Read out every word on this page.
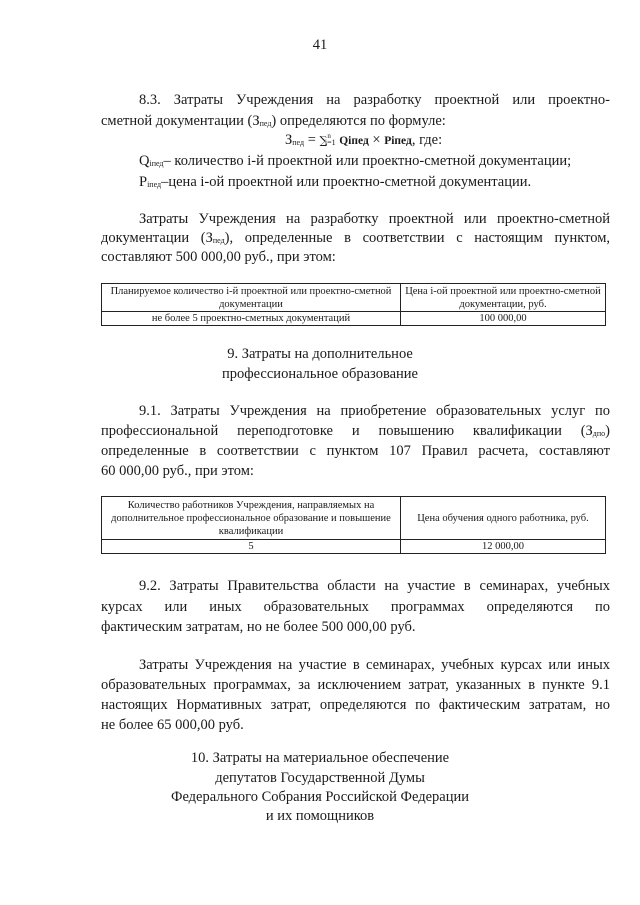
41
8.3. Затраты Учреждения на разработку проектной или проектно-
сметной документации $(З_{пед})$ определяются по формуле:
$З_{пед} = \sum^n_{i=1}$ Qiпед × Piпед, где:
$Q_{iпед}-$ количество i-й проектной или проектно-сметной документации;
$P_{iпед}$–цена i-ой проектной или проектно-сметной документации.
Затраты Учреждения на разработку проектной или проектно-сметной
документации $(З_{пед})$, определенные в соответствии с настоящим пунктом,
составляют 500 000,00 руб., при этом:
Планируемое количество i-й проектной или проектно-сметной документации	Цена i-ой проектной или проектно-сметной документации, руб.
не более 5 проектно-сметных документаций	100 000,00
9. Затраты на дополнительное
профессиональное образование
9.1. Затраты Учреждения на приобретение образовательных услуг по
профессиональной переподготовке и повышению квалификации $(З_{дпо})$
определенные в соответствии с пунктом 107 Правил расчета, составляют
60 000,00 руб., при этом:
Количество работников Учреждения, направляемых на дополнительное профессиональное образование и повышение квалификации	Цена обучения одного работника, руб.
5	12 000,00
9.2. Затраты Правительства области на участие в семинарах, учебных
курсах или иных образовательных программах определяются по
фактическим затратам, но не более 500 000,00 руб.
Затраты Учреждения на участие в семинарах, учебных курсах или иных
образовательных программах, за исключением затрат, указанных в пункте 9.1
настоящих Нормативных затрат, определяются по фактическим затратам, но
не более 65 000,00 руб.
10. Затраты на материальное обеспечение
депутатов Государственной Думы
Федерального Собрания Российской Федерации
и их помощников
